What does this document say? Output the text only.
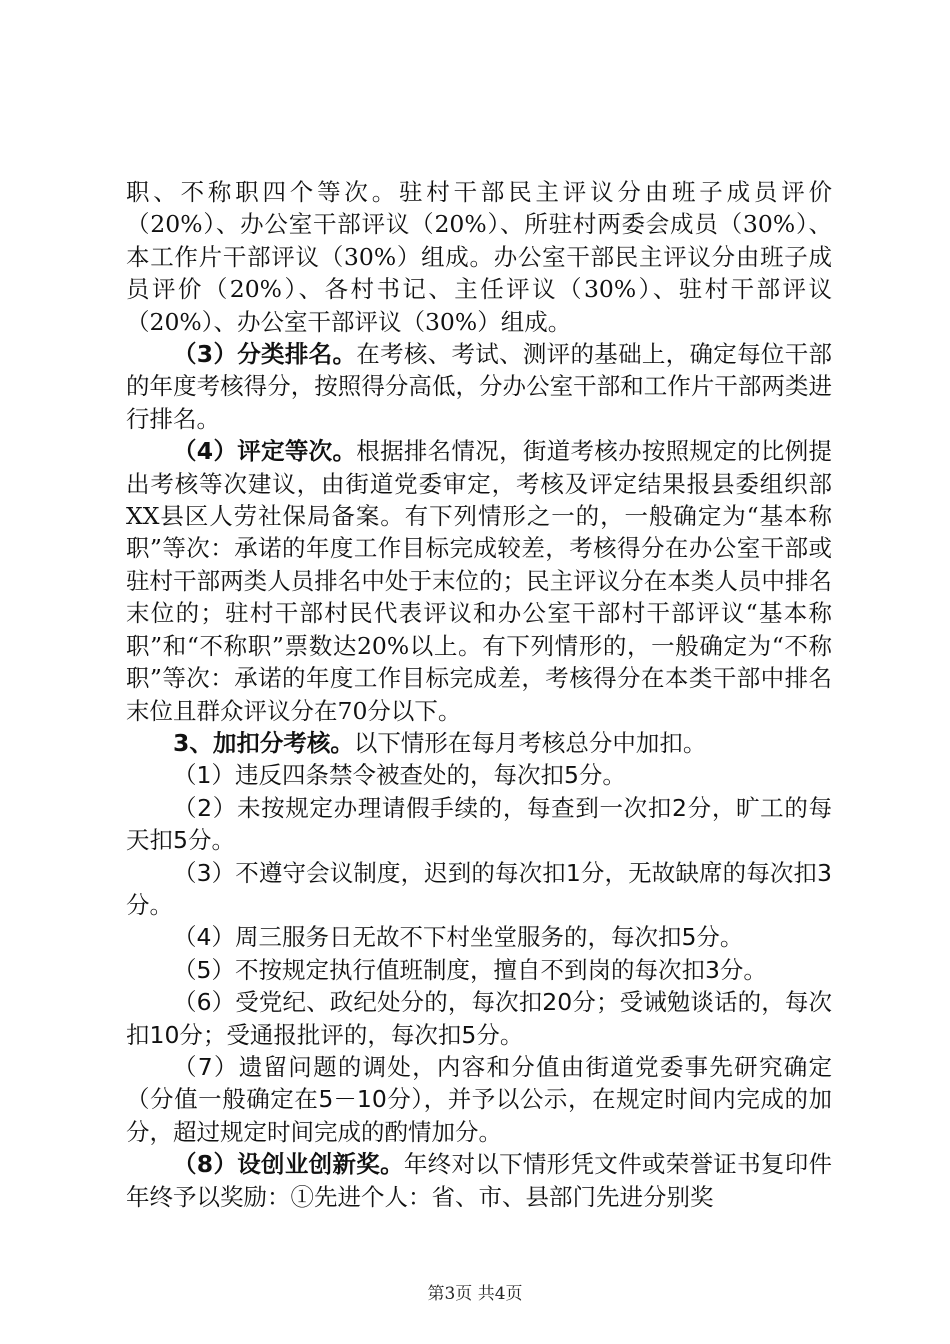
职、不称职四个等次。驻村干部民主评议分由班子成员评价（20%）、办公室干部评议（20%）、所驻村两委会成员（30%）、本工作片干部评议（30%）组成。办公室干部民主评议分由班子成员评价（20%）、各村书记、主任评议（30%）、驻村干部评议（20%）、办公室干部评议（30%）组成。

（3）分类排名。在考核、考试、测评的基础上，确定每位干部的年度考核得分，按照得分高低，分办公室干部和工作片干部两类进行排名。

（4）评定等次。根据排名情况，街道考核办按照规定的比例提出考核等次建议，由街道党委审定，考核及评定结果报县委组织部XX县区人劳社保局备案。有下列情形之一的，一般确定为“基本称职”等次：承诺的年度工作目标完成较差，考核得分在办公室干部或驻村干部两类人员排名中处于末位的；民主评议分在本类人员中排名末位的；驻村干部村民代表评议和办公室干部村干部评议“基本称职”和“不称职”票数达20%以上。有下列情形的，一般确定为“不称职”等次：承诺的年度工作目标完成差，考核得分在本类干部中排名末位且群众评议分在70分以下。

3、加扣分考核。以下情形在每月考核总分中加扣。

（1）违反四条禁令被查处的，每次扣5分。

（2）未按规定办理请假手续的，每查到一次扣2分，旷工的每天扣5分。

（3）不遵守会议制度，迟到的每次扣1分，无故缺席的每次扣3分。

（4）周三服务日无故不下村坐堂服务的，每次扣5分。

（5）不按规定执行值班制度，擅自不到岗的每次扣3分。

（6）受党纪、政纪处分的，每次扣20分；受诫勉谈话的，每次扣10分；受通报批评的，每次扣5分。

（7）遗留问题的调处，内容和分值由街道党委事先研究确定（分值一般确定在5－10分），并予以公示，在规定时间内完成的加分，超过规定时间完成的酌情加分。

（8）设创业创新奖。年终对以下情形凭文件或荣誉证书复印件年终予以奖励：①先进个人：省、市、县部门先进分别奖

第3页 共4页
